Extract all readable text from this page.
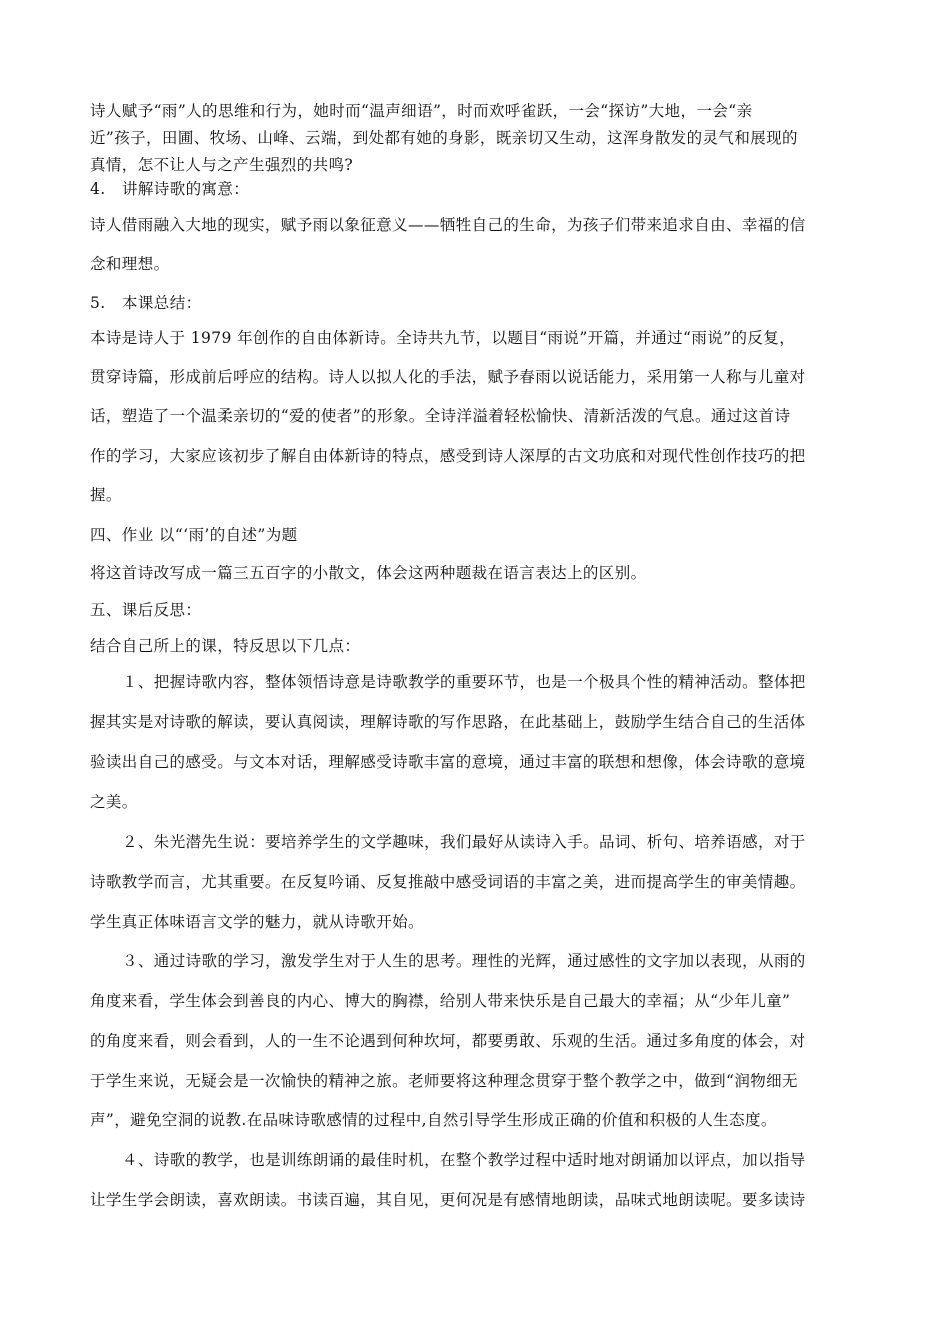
诗人赋予“雨”人的思维和行为，她时而“温声细语”，时而欢呼雀跃，一会“探访”大地，一会“亲
近”孩子，田圃、牧场、山峰、云端，到处都有她的身影，既亲切又生动，这浑身散发的灵气和展现的
真情，怎不让人与之产生强烈的共鸣?
4. 讲解诗歌的寓意：
诗人借雨融入大地的现实，赋予雨以象征意义——牺牲自己的生命，为孩子们带来追求自由、幸福的信
念和理想。
5. 本课总结：
本诗是诗人于 1979 年创作的自由体新诗。全诗共九节，以题目“雨说”开篇，并通过“雨说”的反复，
贯穿诗篇，形成前后呼应的结构。诗人以拟人化的手法，赋予春雨以说话能力，采用第一人称与儿童对
话，塑造了一个温柔亲切的“爱的使者”的形象。全诗洋溢着轻松愉快、清新活泼的气息。通过这首诗
作的学习，大家应该初步了解自由体新诗的特点，感受到诗人深厚的古文功底和对现代性创作技巧的把
握。
四、作业 以“‘雨’的自述”为题
将这首诗改写成一篇三五百字的小散文，体会这两种题裁在语言表达上的区别。
五、课后反思：
结合自己所上的课，特反思以下几点：
１、把握诗歌内容，整体领悟诗意是诗歌教学的重要环节，也是一个极具个性的精神活动。整体把
握其实是对诗歌的解读，要认真阅读，理解诗歌的写作思路，在此基础上，鼓励学生结合自己的生活体
验读出自己的感受。与文本对话，理解感受诗歌丰富的意境，通过丰富的联想和想像，体会诗歌的意境
之美。
２、朱光潜先生说：要培养学生的文学趣味，我们最好从读诗入手。品词、析句、培养语感，对于
诗歌教学而言，尤其重要。在反复吟诵、反复推敲中感受词语的丰富之美，进而提高学生的审美情趣。
学生真正体味语言文学的魅力，就从诗歌开始。
３、通过诗歌的学习，激发学生对于人生的思考。理性的光辉，通过感性的文字加以表现，从雨的
角度来看，学生体会到善良的内心、博大的胸襟，给别人带来快乐是自己最大的幸福；从“少年儿童”
的角度来看，则会看到，人的一生不论遇到何种坎坷，都要勇敢、乐观的生活。通过多角度的体会，对
于学生来说，无疑会是一次愉快的精神之旅。老师要将这种理念贯穿于整个教学之中，做到“润物细无
声”，避免空洞的说教.在品味诗歌感情的过程中,自然引导学生形成正确的价值和积极的人生态度。
４、诗歌的教学，也是训练朗诵的最佳时机，在整个教学过程中适时地对朗诵加以评点，加以指导
让学生学会朗读，喜欢朗读。书读百遍，其自见，更何况是有感情地朗读，品味式地朗读呢。要多读诗
